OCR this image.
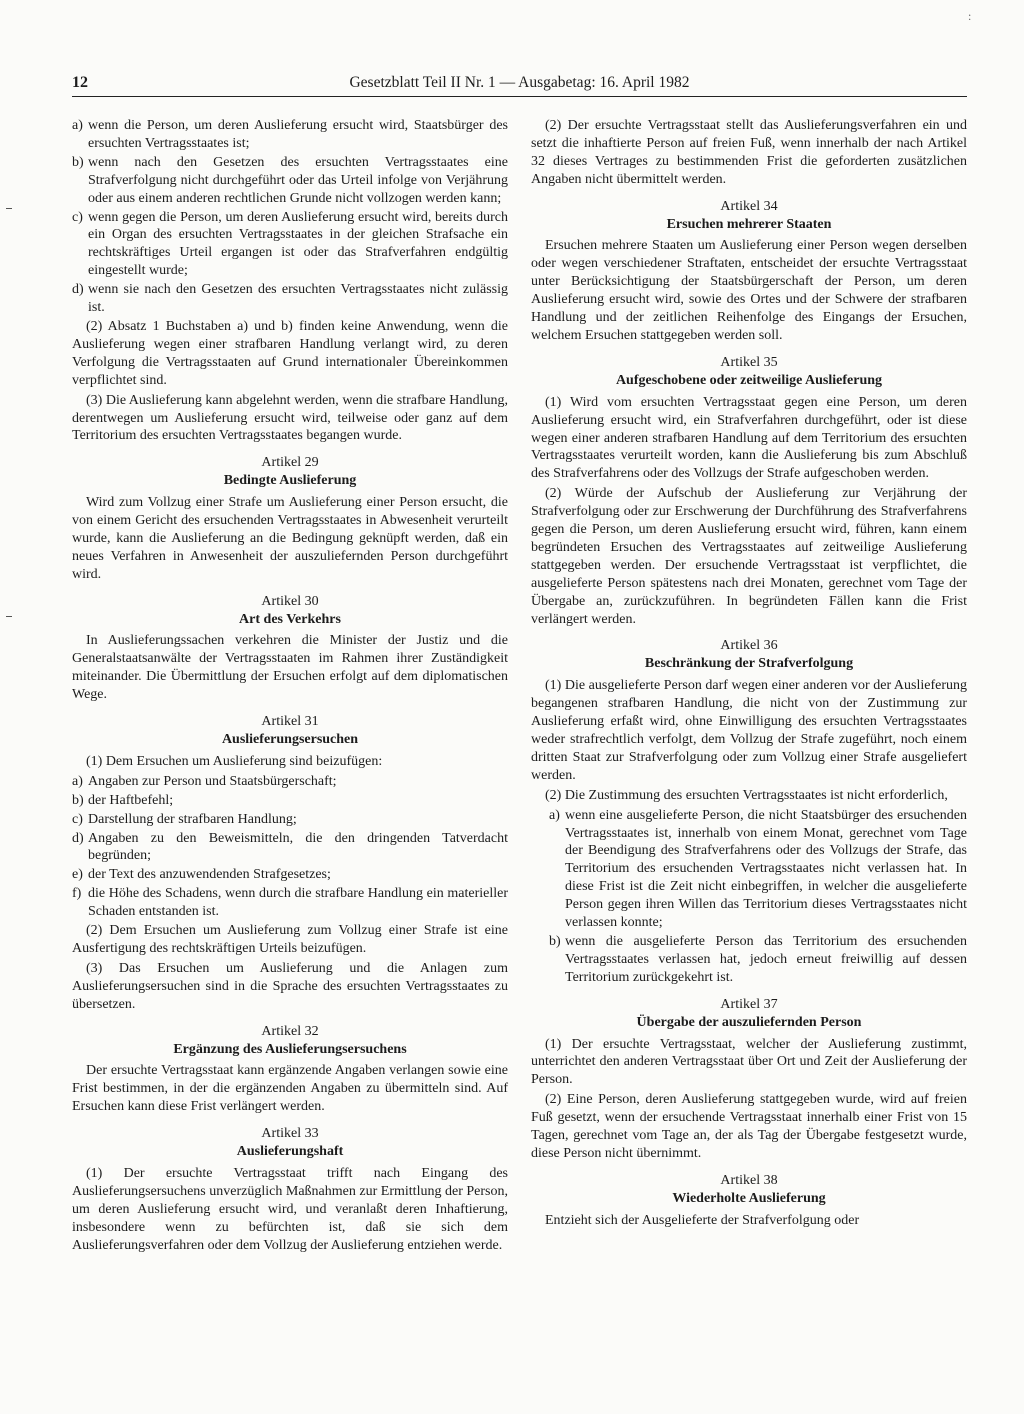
:
12	Gesetzblatt Teil II Nr. 1 — Ausgabetag: 16. April 1982
a) wenn die Person, um deren Auslieferung ersucht wird, Staatsbürger des ersuchten Vertragsstaates ist;
b) wenn nach den Gesetzen des ersuchten Vertragsstaates eine Strafverfolgung nicht durchgeführt oder das Urteil infolge von Verjährung oder aus einem anderen rechtlichen Grunde nicht vollzogen werden kann;
c) wenn gegen die Person, um deren Auslieferung ersucht wird, bereits durch ein Organ des ersuchten Vertragsstaates in der gleichen Strafsache ein rechtskräftiges Urteil ergangen ist oder das Strafverfahren endgültig eingestellt wurde;
d) wenn sie nach den Gesetzen des ersuchten Vertragsstaates nicht zulässig ist.

(2) Absatz 1 Buchstaben a) und b) finden keine Anwendung, wenn die Auslieferung wegen einer strafbaren Handlung verlangt wird, zu deren Verfolgung die Vertragsstaaten auf Grund internationaler Übereinkommen verpflichtet sind.

(3) Die Auslieferung kann abgelehnt werden, wenn die strafbare Handlung, derentwegen um Auslieferung ersucht wird, teilweise oder ganz auf dem Territorium des ersuchten Vertragsstaates begangen wurde.

Artikel 29
Bedingte Auslieferung

Wird zum Vollzug einer Strafe um Auslieferung einer Person ersucht, die von einem Gericht des ersuchenden Vertragsstaates in Abwesenheit verurteilt wurde, kann die Auslieferung an die Bedingung geknüpft werden, daß ein neues Verfahren in Anwesenheit der auszuliefernden Person durchgeführt wird.

Artikel 30
Art des Verkehrs

In Auslieferungssachen verkehren die Minister der Justiz und die Generalstaatsanwälte der Vertragsstaaten im Rahmen ihrer Zuständigkeit miteinander. Die Übermittlung der Ersuchen erfolgt auf dem diplomatischen Wege.

Artikel 31
Auslieferungsersuchen

(1) Dem Ersuchen um Auslieferung sind beizufügen:

a) Angaben zur Person und Staatsbürgerschaft;
b) der Haftbefehl;
c) Darstellung der strafbaren Handlung;
d) Angaben zu den Beweismitteln, die den dringenden Tatverdacht begründen;
e) der Text des anzuwendenden Strafgesetzes;
f) die Höhe des Schadens, wenn durch die strafbare Handlung ein materieller Schaden entstanden ist.

(2) Dem Ersuchen um Auslieferung zum Vollzug einer Strafe ist eine Ausfertigung des rechtskräftigen Urteils beizufügen.

(3) Das Ersuchen um Auslieferung und die Anlagen zum Auslieferungsersuchen sind in die Sprache des ersuchten Vertragsstaates zu übersetzen.

Artikel 32
Ergänzung des Auslieferungsersuchens

Der ersuchte Vertragsstaat kann ergänzende Angaben verlangen sowie eine Frist bestimmen, in der die ergänzenden Angaben zu übermitteln sind. Auf Ersuchen kann diese Frist verlängert werden.

Artikel 33
Auslieferungshaft

(1) Der ersuchte Vertragsstaat trifft nach Eingang des Auslieferungsersuchens unverzüglich Maßnahmen zur Ermittlung der Person, um deren Auslieferung ersucht wird, und veranlaßt deren Inhaftierung, insbesondere wenn zu befürchten ist, daß sie sich dem Auslieferungsverfahren oder dem Vollzug der Auslieferung entziehen werde.

(2) Der ersuchte Vertragsstaat stellt das Auslieferungsverfahren ein und setzt die inhaftierte Person auf freien Fuß, wenn innerhalb der nach Artikel 32 dieses Vertrages zu bestimmenden Frist die geforderten zusätzlichen Angaben nicht übermittelt werden.

Artikel 34
Ersuchen mehrerer Staaten

Ersuchen mehrere Staaten um Auslieferung einer Person wegen derselben oder wegen verschiedener Straftaten, entscheidet der ersuchte Vertragsstaat unter Berücksichtigung der Staatsbürgerschaft der Person, um deren Auslieferung ersucht wird, sowie des Ortes und der Schwere der strafbaren Handlung und der zeitlichen Reihenfolge des Eingangs der Ersuchen, welchem Ersuchen stattgegeben werden soll.

Artikel 35
Aufgeschobene oder zeitweilige Auslieferung

(1) Wird vom ersuchten Vertragsstaat gegen eine Person, um deren Auslieferung ersucht wird, ein Strafverfahren durchgeführt, oder ist diese wegen einer anderen strafbaren Handlung auf dem Territorium des ersuchten Vertragsstaates verurteilt worden, kann die Auslieferung bis zum Abschluß des Strafverfahrens oder des Vollzugs der Strafe aufgeschoben werden.

(2) Würde der Aufschub der Auslieferung zur Verjährung der Strafverfolgung oder zur Erschwerung der Durchführung des Strafverfahrens gegen die Person, um deren Auslieferung ersucht wird, führen, kann einem begründeten Ersuchen des Vertragsstaates auf zeitweilige Auslieferung stattgegeben werden. Der ersuchende Vertragsstaat ist verpflichtet, die ausgelieferte Person spätestens nach drei Monaten, gerechnet vom Tage der Übergabe an, zurückzuführen. In begründeten Fällen kann die Frist verlängert werden.

Artikel 36
Beschränkung der Strafverfolgung

(1) Die ausgelieferte Person darf wegen einer anderen vor der Auslieferung begangenen strafbaren Handlung, die nicht von der Zustimmung zur Auslieferung erfaßt wird, ohne Einwilligung des ersuchten Vertragsstaates weder strafrechtlich verfolgt, dem Vollzug der Strafe zugeführt, noch einem dritten Staat zur Strafverfolgung oder zum Vollzug einer Strafe ausgeliefert werden.

(2) Die Zustimmung des ersuchten Vertragsstaates ist nicht erforderlich,

a) wenn eine ausgelieferte Person, die nicht Staatsbürger des ersuchenden Vertragsstaates ist, innerhalb von einem Monat, gerechnet vom Tage der Beendigung des Strafverfahrens oder des Vollzugs der Strafe, das Territorium des ersuchenden Vertragsstaates nicht verlassen hat. In diese Frist ist die Zeit nicht einbegriffen, in welcher die ausgelieferte Person gegen ihren Willen das Territorium dieses Vertragsstaates nicht verlassen konnte;
b) wenn die ausgelieferte Person das Territorium des ersuchenden Vertragsstaates verlassen hat, jedoch erneut freiwillig auf dessen Territorium zurückgekehrt ist.
Artikel 37
Übergabe der auszuliefernden Person

(1) Der ersuchte Vertragsstaat, welcher der Auslieferung zustimmt, unterrichtet den anderen Vertragsstaat über Ort und Zeit der Auslieferung der Person.

(2) Eine Person, deren Auslieferung stattgegeben wurde, wird auf freien Fuß gesetzt, wenn der ersuchende Vertragsstaat innerhalb einer Frist von 15 Tagen, gerechnet vom Tage an, der als Tag der Übergabe festgesetzt wurde, diese Person nicht übernimmt.

Artikel 38
Wiederholte Auslieferung

Entzieht sich der Ausgelieferte der Strafverfolgung oder
